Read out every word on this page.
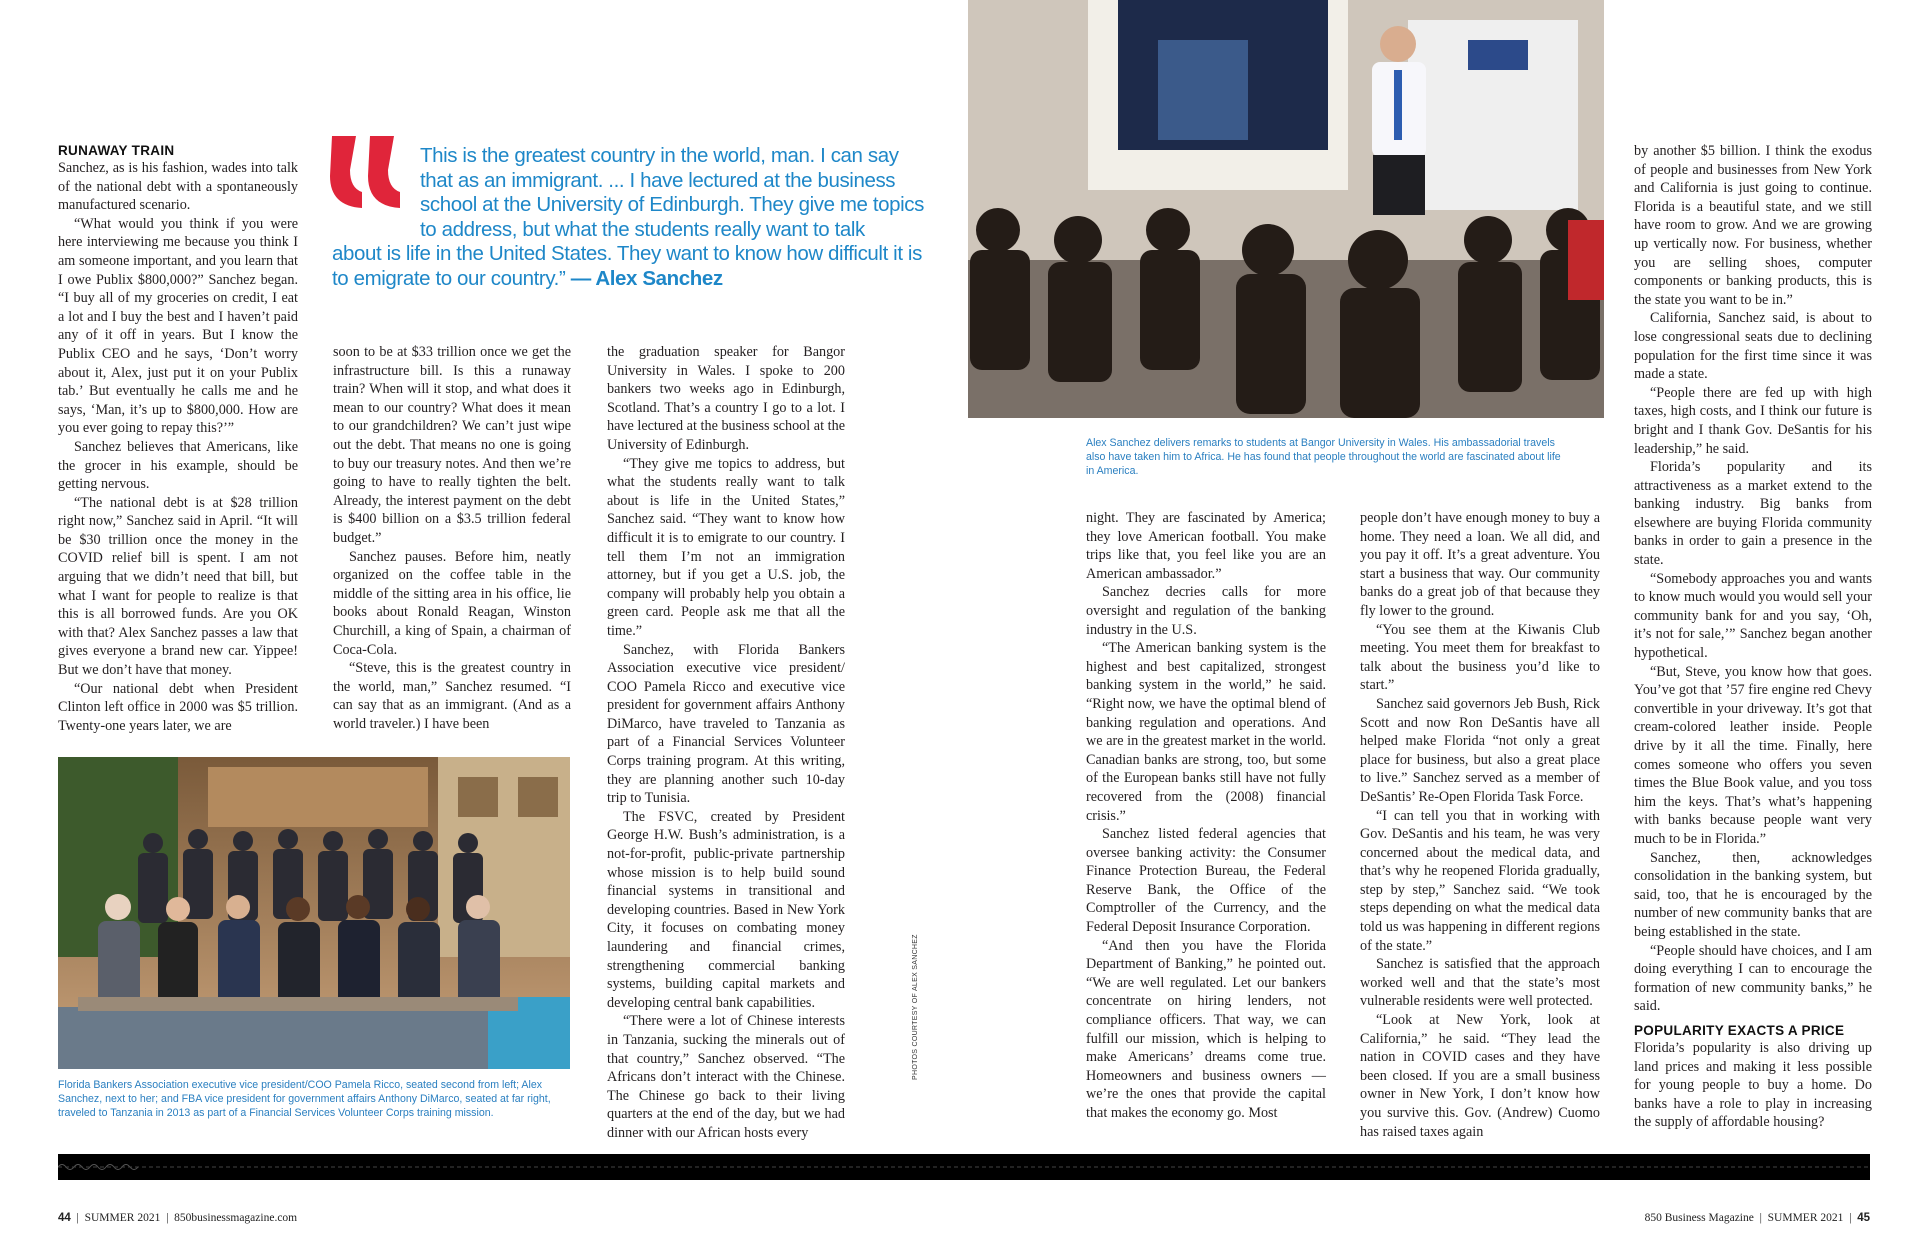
RUNAWAY TRAIN

Sanchez, as is his fashion, wades into talk of the national debt with a spontaneously manufactured scenario.

“What would you think if you were here interviewing me because you think I am someone important, and you learn that I owe Publix $800,000?” Sanchez began. “I buy all of my groceries on credit, I eat a lot and I buy the best and I haven’t paid any of it off in years. But I know the Publix CEO and he says, ‘Don’t worry about it, Alex, just put it on your Publix tab.’ But eventually he calls me and he says, ‘Man, it’s up to $800,000. How are you ever going to repay this?’”

Sanchez believes that Americans, like the grocer in his example, should be getting nervous.

“The national debt is at $28 trillion right now,” Sanchez said in April. “It will be $30 trillion once the money in the COVID relief bill is spent. I am not arguing that we didn’t need that bill, but what I want for people to realize is that this is all borrowed funds. Are you OK with that? Alex Sanchez passes a law that gives everyone a brand new car. Yippee! But we don’t have that money.

“Our national debt when President Clinton left office in 2000 was $5 trillion. Twenty-one years later, we are

This is the greatest country in the world, man. I can say
that as an immigrant. ... I have lectured at the business
school at the University of Edinburgh. They give me topics
to address, but what the students really want to talk
about is life in the United States. They want to know how difficult it is
to emigrate to our country.” — Alex Sanchez

soon to be at $33 trillion once we get the infrastructure bill. Is this a runaway train? When will it stop, and what does it mean to our country? What does it mean to our grandchildren? We can’t just wipe out the debt. That means no one is going to buy our treasury notes. And then we’re going to have to really tighten the belt. Already, the interest payment on the debt is $400 billion on a $3.5 trillion federal budget.”

Sanchez pauses. Before him, neatly organized on the coffee table in the middle of the sitting area in his office, lie books about Ronald Reagan, Winston Churchill, a king of Spain, a chairman of Coca-Cola.

“Steve, this is the greatest country in the world, man,” Sanchez resumed. “I can say that as an immigrant. (And as a world traveler.) I have been

the graduation speaker for Bangor University in Wales. I spoke to 200 bankers two weeks ago in Edinburgh, Scotland. That’s a country I go to a lot. I have lectured at the business school at the University of Edinburgh.

“They give me topics to address, but what the students really want to talk about is life in the United States,” Sanchez said. “They want to know how difficult it is to emigrate to our country. I tell them I’m not an immigration attorney, but if you get a U.S. job, the company will probably help you obtain a green card. People ask me that all the time.”

Sanchez, with Florida Bankers Association executive vice president/ COO Pamela Ricco and executive vice president for government affairs Anthony DiMarco, have traveled to Tanzania as part of a Financial Services Volunteer Corps training program. At this writing, they are planning another such 10-day trip to Tunisia.

The FSVC, created by President George H.W. Bush’s administration, is a not-for-profit, public-private partnership whose mission is to help build sound financial systems in transitional and developing countries. Based in New York City, it focuses on combating money laundering and financial crimes, strengthening commercial banking systems, building capital markets and developing central bank capabilities.

“There were a lot of Chinese interests in Tanzania, sucking the minerals out of that country,” Sanchez observed. “The Africans don’t interact with the Chinese. The Chinese go back to their living quarters at the end of the day, but we had dinner with our African hosts every

Florida Bankers Association executive vice president/COO Pamela Ricco, seated second from left; Alex Sanchez, next to her; and FBA vice president for government affairs Anthony DiMarco, seated at far right, traveled to Tanzania in 2013 as part of a Financial Services Volunteer Corps training mission.
PHOTOS COURTESY OF ALEX SANCHEZ
Alex Sanchez delivers remarks to students at Bangor University in Wales. His ambassadorial travels also have taken him to Africa. He has found that people throughout the world are fascinated about life in America.

night. They are fascinated by America; they love American football. You make trips like that, you feel like you are an American ambassador.”

Sanchez decries calls for more oversight and regulation of the banking industry in the U.S.

“The American banking system is the highest and best capitalized, strongest banking system in the world,” he said. “Right now, we have the optimal blend of banking regulation and operations. And we are in the greatest market in the world. Canadian banks are strong, too, but some of the European banks still have not fully recovered from the (2008) financial crisis.”

Sanchez listed federal agencies that oversee banking activity: the Consumer Finance Protection Bureau, the Federal Reserve Bank, the Office of the Comptroller of the Currency, and the Federal Deposit Insurance Corporation.

“And then you have the Florida Department of Banking,” he pointed out. “We are well regulated. Let our bankers concentrate on hiring lenders, not compliance officers. That way, we can fulfill our mission, which is helping to make Americans’ dreams come true. Homeowners and business owners — we’re the ones that provide the capital that makes the economy go. Most

people don’t have enough money to buy a home. They need a loan. We all did, and you pay it off. It’s a great adventure. You start a business that way. Our community banks do a great job of that because they fly lower to the ground.

“You see them at the Kiwanis Club meeting. You meet them for breakfast to talk about the business you’d like to start.”

Sanchez said governors Jeb Bush, Rick Scott and now Ron DeSantis have all helped make Florida “not only a great place for business, but also a great place to live.” Sanchez served as a member of DeSantis’ Re-Open Florida Task Force.

“I can tell you that in working with Gov. DeSantis and his team, he was very concerned about the medical data, and that’s why he reopened Florida gradually, step by step,” Sanchez said. “We took steps depending on what the medical data told us was happening in different regions of the state.”

Sanchez is satisfied that the approach worked well and that the state’s most vulnerable residents were well protected.

“Look at New York, look at California,” he said. “They lead the nation in COVID cases and they have been closed. If you are a small business owner in New York, I don’t know how you survive this. Gov. (Andrew) Cuomo has raised taxes again

by another $5 billion. I think the exodus of people and businesses from New York and California is just going to continue. Florida is a beautiful state, and we still have room to grow. And we are growing up vertically now. For business, whether you are selling shoes, computer components or banking products, this is the state you want to be in.”

California, Sanchez said, is about to lose congressional seats due to declining population for the first time since it was made a state.

“People there are fed up with high taxes, high costs, and I think our future is bright and I thank Gov. DeSantis for his leadership,” he said.

Florida’s popularity and its attractiveness as a market extend to the banking industry. Big banks from elsewhere are buying Florida community banks in order to gain a presence in the state.

“Somebody approaches you and wants to know much would you would sell your community bank for and you say, ‘Oh, it’s not for sale,’” Sanchez began another hypothetical.

“But, Steve, you know how that goes. You’ve got that ’57 fire engine red Chevy convertible in your driveway. It’s got that cream-colored leather inside. People drive by it all the time. Finally, here comes someone who offers you seven times the Blue Book value, and you toss him the keys. That’s what’s happening with banks because people want very much to be in Florida.”

Sanchez, then, acknowledges consolidation in the banking system, but said, too, that he is encouraged by the number of new community banks that are being established in the state.

“People should have choices, and I am doing everything I can to encourage the formation of new community banks,” he said.

POPULARITY EXACTS A PRICE

Florida’s popularity is also driving up land prices and making it less possible for young people to buy a home. Do banks have a role to play in increasing the supply of affordable housing?

44  |  SUMMER 2021  |  850businessmagazine.com	850 Business Magazine  |  SUMMER 2021  |  45
